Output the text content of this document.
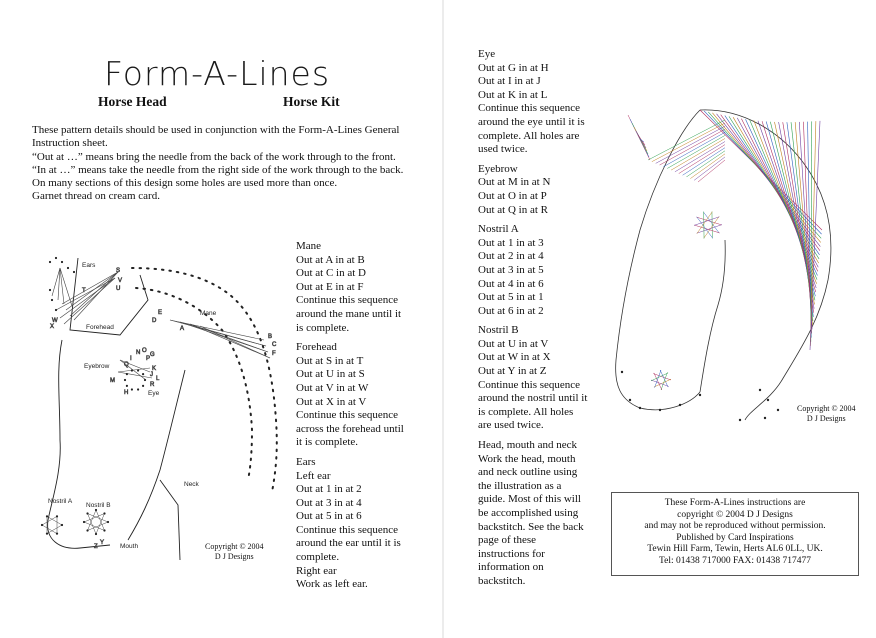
Form-A-Lines
Horse Head	Horse Kit

These pattern details should be used in conjunction with the Form-A-Lines General Instruction sheet.

“Out at …” means bring the needle from the back of the work through to the front.

“In at …” means take the needle from the right side of the work through to the back.

On many sections of this design some holes are used more than once.

Garnet thread on cream card.

Mane
Out at A in at B
Out at C in at D
Out at E in at F
Continue this sequence
around the mane until it
is complete.
Forehead
Out at S in at T
Out at U in at S
Out at V in at W
Out at X in at V
Continue this sequence
across the forehead until
it is complete.
Ears
Left ear
Out at 1 in at 2
Out at 3 in at 4
Out at 5 in at 6
Continue this sequence
around the ear until it is
complete.
Right ear
Work as left ear.
Eye
Out at G in at H
Out at I in at J
Out at K in at L
Continue this sequence
around the eye until it is
complete. All holes are
used twice.
Eyebrow
Out at M in at N
Out at O in at P
Out at Q in at R
Nostril A
Out at 1 in at 3
Out at 2 in at 4
Out at 3 in at 5
Out at 4 in at 6
Out at 5 in at 1
Out at 6 in at 2
Nostril B
Out at U in at V
Out at W in at X
Out at Y in at Z
Continue this sequence
around the nostril until it
is complete. All holes
are used twice.
Head, mouth and neck
Work the head, mouth
and neck outline using
the illustration as a
guide. Most of this will
be accomplished using
backstitch. See the back
page of these
instructions for
information on
backstitch.
A
B
C
D
E
F
G
H
I
J
K
L
M
N O
P
Q
R
S
T	U
V
W
X
Y
Z
Ears
Forehead
Mane
Eyebrow
Eye
Neck
Nostril A
Nostril B
Mouth	Copyright © 2004
D J Designs
Copyright © 2004
D J Designs
These Form-A-Lines instructions are
copyright © 2004 D J Designs
and may not be reproduced without permission.
Published by Card Inspirations
Tewin Hill Farm, Tewin, Herts AL6 0LL, UK.
Tel: 01438 717000 FAX: 01438 717477
